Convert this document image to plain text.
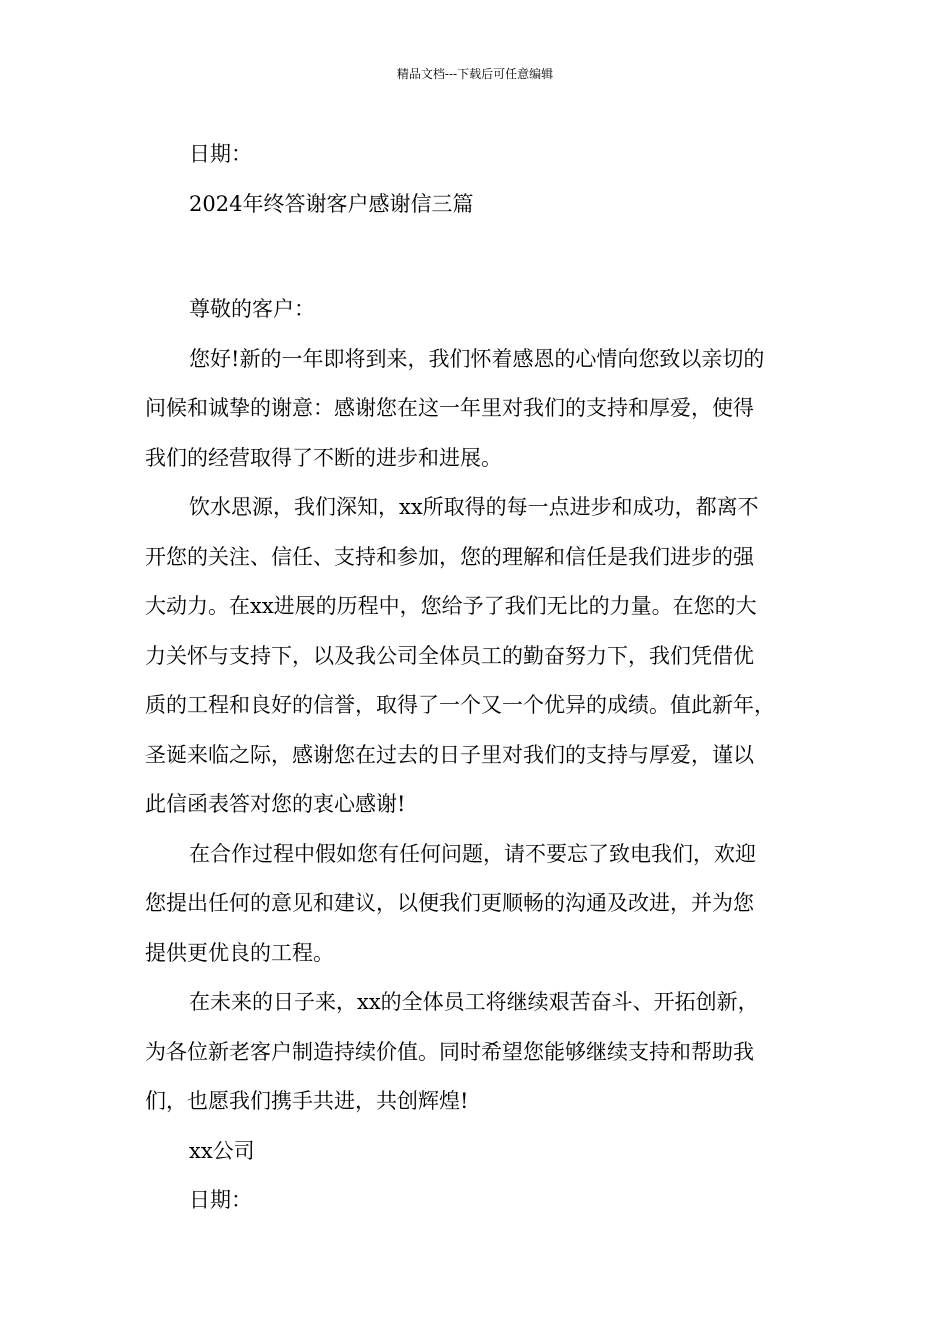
精品文档---下载后可任意编辑
日期：
2024年终答谢客户感谢信三篇
尊敬的客户：
您好!新的一年即将到来，我们怀着感恩的心情向您致以亲切的
问候和诚挚的谢意：感谢您在这一年里对我们的支持和厚爱，使得
我们的经营取得了不断的进步和进展。
饮水思源，我们深知，xx所取得的每一点进步和成功，都离不
开您的关注、信任、支持和参加，您的理解和信任是我们进步的强
大动力。在xx进展的历程中，您给予了我们无比的力量。在您的大
力关怀与支持下，以及我公司全体员工的勤奋努力下，我们凭借优
质的工程和良好的信誉，取得了一个又一个优异的成绩。值此新年，
圣诞来临之际，感谢您在过去的日子里对我们的支持与厚爱，谨以
此信函表答对您的衷心感谢!
在合作过程中假如您有任何问题，请不要忘了致电我们，欢迎
您提出任何的意见和建议，以便我们更顺畅的沟通及改进，并为您
提供更优良的工程。
在未来的日子来，xx的全体员工将继续艰苦奋斗、开拓创新，
为各位新老客户制造持续价值。同时希望您能够继续支持和帮助我
们，也愿我们携手共进，共创辉煌!
xx公司
日期：
